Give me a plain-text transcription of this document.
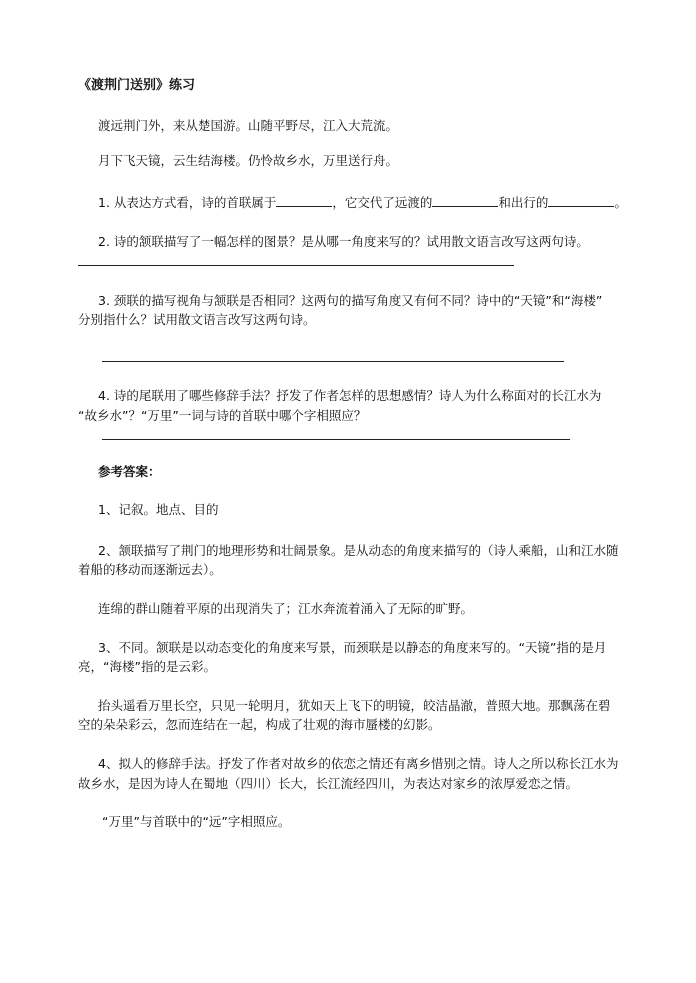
《渡荆门送别》练习
渡远荆门外，来从楚国游。山随平野尽，江入大荒流。
月下飞天镜，云生结海楼。仍怜故乡水，万里送行舟。
1. 从表达方式看，诗的首联属于	，它交代了远渡的	和出行的	。
2. 诗的颔联描写了一幅怎样的图景？是从哪一角度来写的？试用散文语言改写这两句诗。
3. 颈联的描写视角与颔联是否相同？这两句的描写角度又有何不同？诗中的“天镜”和“海楼”
分别指什么？试用散文语言改写这两句诗。
4. 诗的尾联用了哪些修辞手法？抒发了作者怎样的思想感情？诗人为什么称面对的长江水为
“故乡水”？“万里”一词与诗的首联中哪个字相照应？
参考答案：
1、记叙。地点、目的
2、颔联描写了荆门的地理形势和壮阔景象。是从动态的角度来描写的（诗人乘船，山和江水随
着船的移动而逐渐远去）。
连绵的群山随着平原的出现消失了；江水奔流着涌入了无际的旷野。
3、不同。颔联是以动态变化的角度来写景，而颈联是以静态的角度来写的。“天镜”指的是月
亮，“海楼”指的是云彩。
抬头遥看万里长空，只见一轮明月，犹如天上飞下的明镜，皎洁晶澈，普照大地。那飘荡在碧
空的朵朵彩云，忽而连结在一起，构成了壮观的海市蜃楼的幻影。
4、拟人的修辞手法。抒发了作者对故乡的依恋之情还有离乡惜别之情。诗人之所以称长江水为
故乡水，是因为诗人在蜀地（四川）长大，长江流经四川，为表达对家乡的浓厚爱恋之情。
“万里”与首联中的“远”字相照应。
